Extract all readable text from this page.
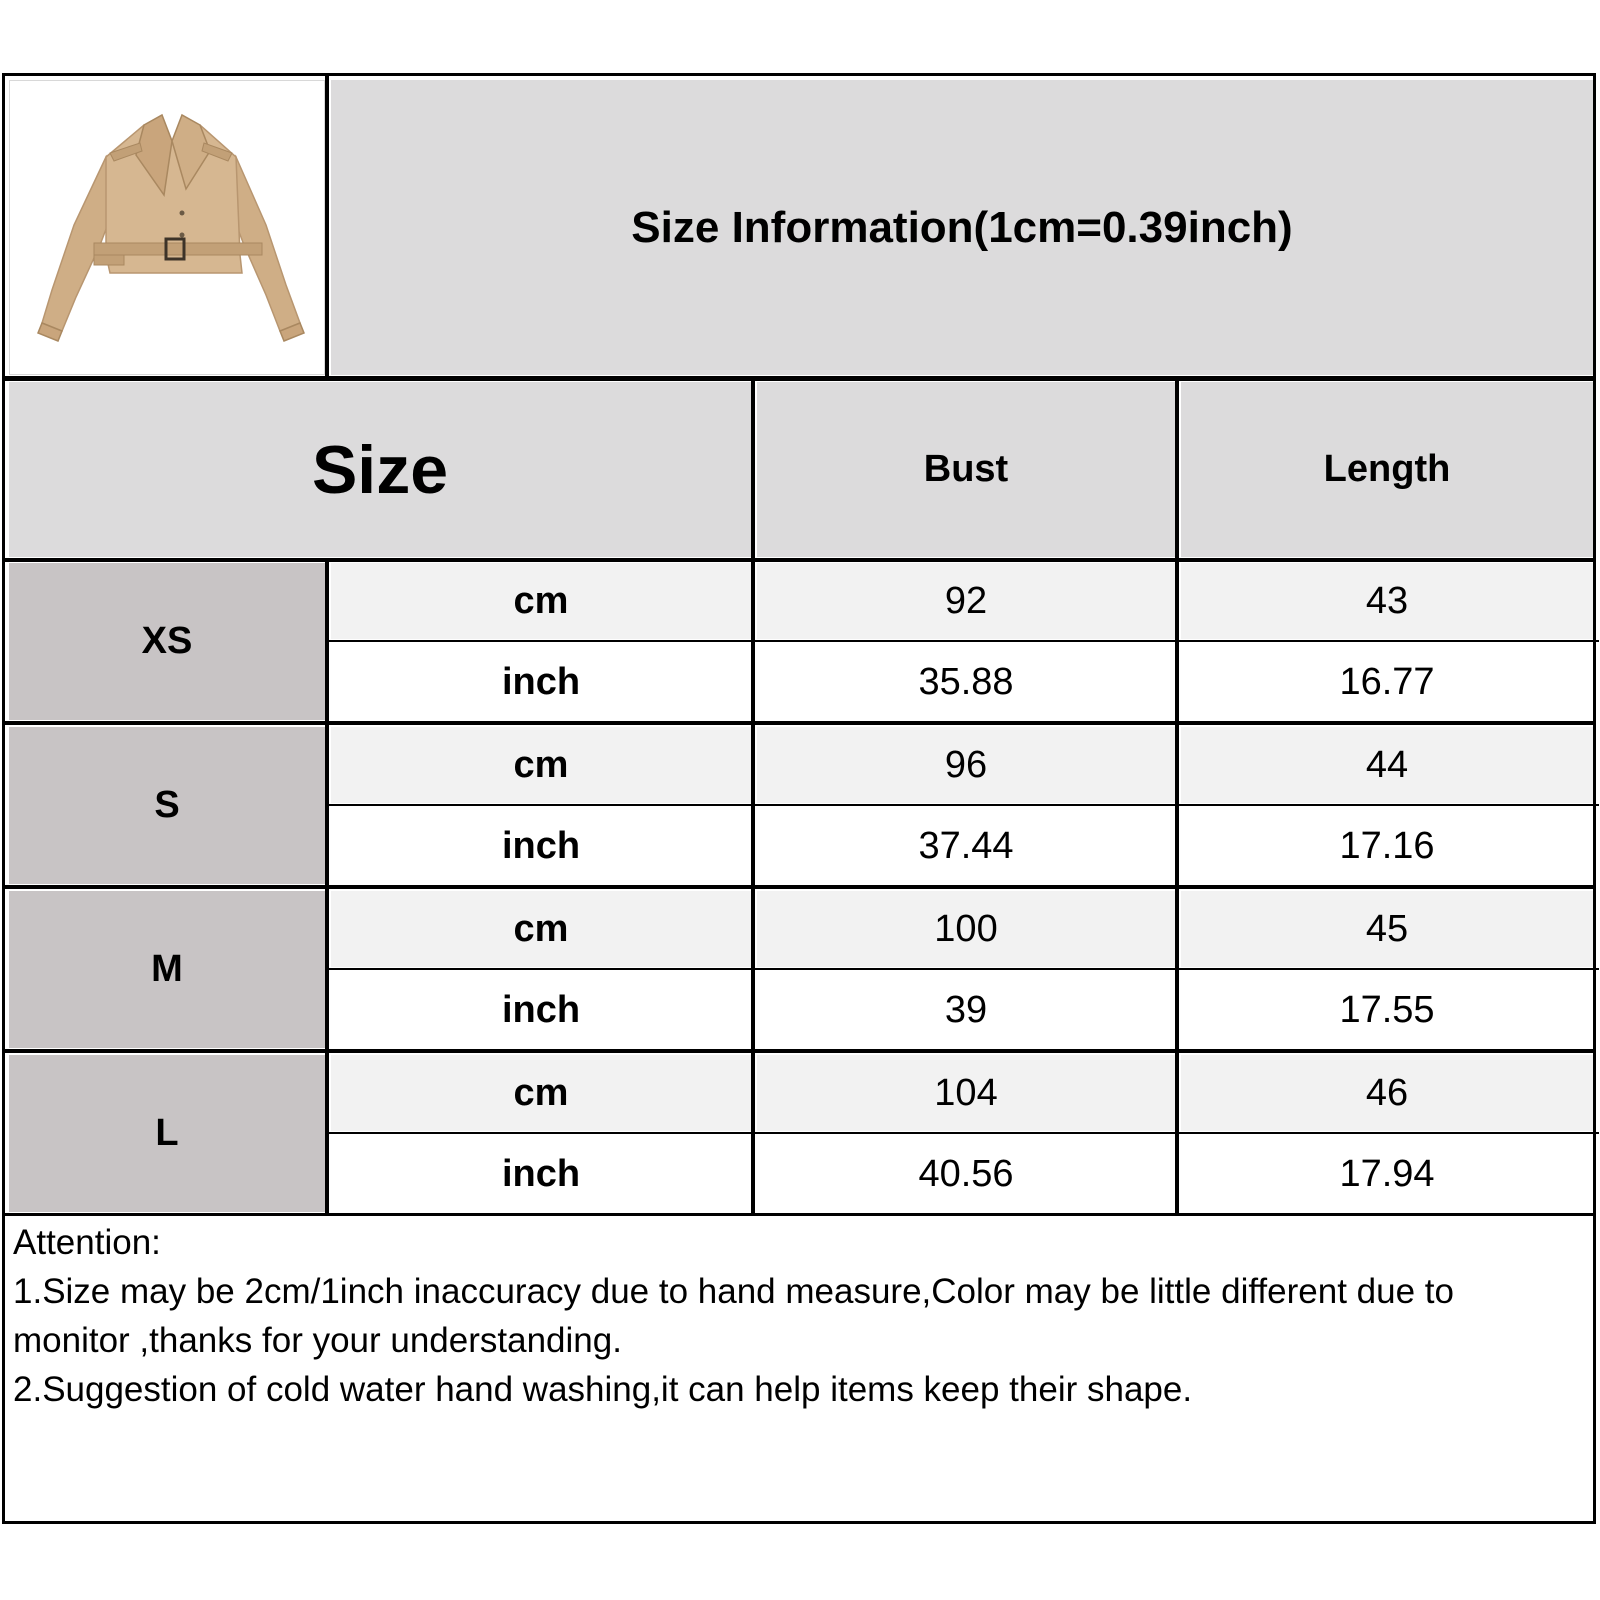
Size Information(1cm=0.39inch)
Size	Bust	Length
XS
cm	92	43
inch	35.88	16.77
S
cm	96	44
inch	37.44	17.16
M
cm	100	45
inch	39	17.55
L
cm	104	46
inch	40.56	17.94
Attention:
1.Size may be 2cm/1inch inaccuracy due to hand measure,Color may be little different due to
monitor ,thanks for your understanding.
2.Suggestion of cold water hand washing,it can help items keep their shape.
